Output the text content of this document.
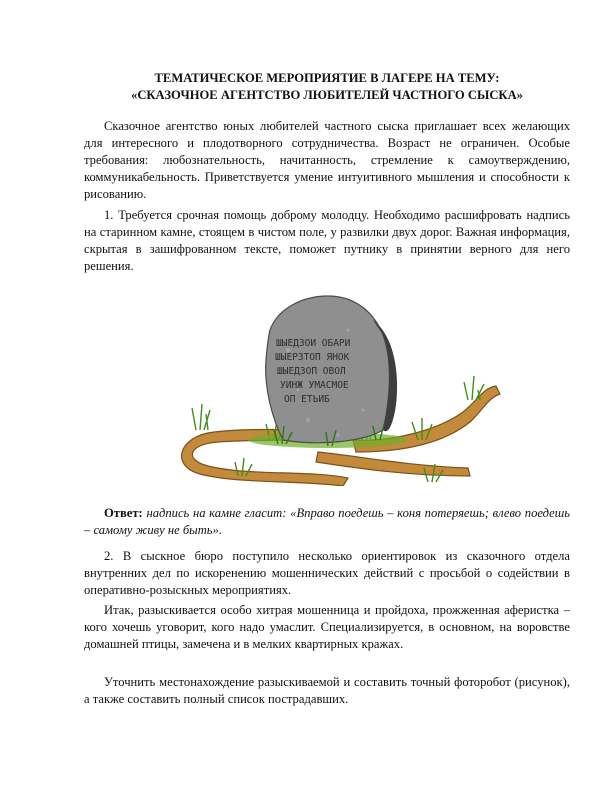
ТЕМАТИЧЕСКОЕ МЕРОПРИЯТИЕ В ЛАГЕРЕ НА ТЕМУ:
«СКАЗОЧНОЕ АГЕНТСТВО ЛЮБИТЕЛЕЙ ЧАСТНОГО СЫСКА»

Сказочное агентство юных любителей частного сыска приглашает всех желающих для интересного и плодотворного сотрудничества. Возраст не ограничен. Особые требования: любознательность, начитанность, стремление к самоутверждению, коммуникабельность. Приветствуется умение интуитивного мышления и способности к рисованию.

1. Требуется срочная помощь доброму молодцу. Необходимо расшифровать надпись на старинном камне, стоящем в чистом поле, у развилки двух дорог. Важная информация, скрытая в зашифрованном тексте, поможет путнику в принятии верного для него решения.

ШЫЕДЗОИ ОБАРИ
ШЫЕРЗТОП ЯНОК
ШЫЕДЗОП ОВОЛ
УИНЖ УМАСМОЕ
ОП ЕТЬИБ

Ответ: надпись на камне гласит: «Вправо поедешь – коня потеряешь; влево поедешь – самому живу не быть».

2. В сыскное бюро поступило несколько ориентировок из сказочного отдела внутренних дел по искоренению мошеннических действий с просьбой о содействии в оперативно-розыскных мероприятиях.

Итак, разыскивается особо хитрая мошенница и пройдоха, прожженная аферистка – кого хочешь уговорит, кого надо умаслит. Специализируется, в основном, на воровстве домашней птицы, замечена и в мелких квартирных кражах.

Уточнить местонахождение разыскиваемой и составить точный фоторобот (рисунок), а также составить полный список пострадавших.
